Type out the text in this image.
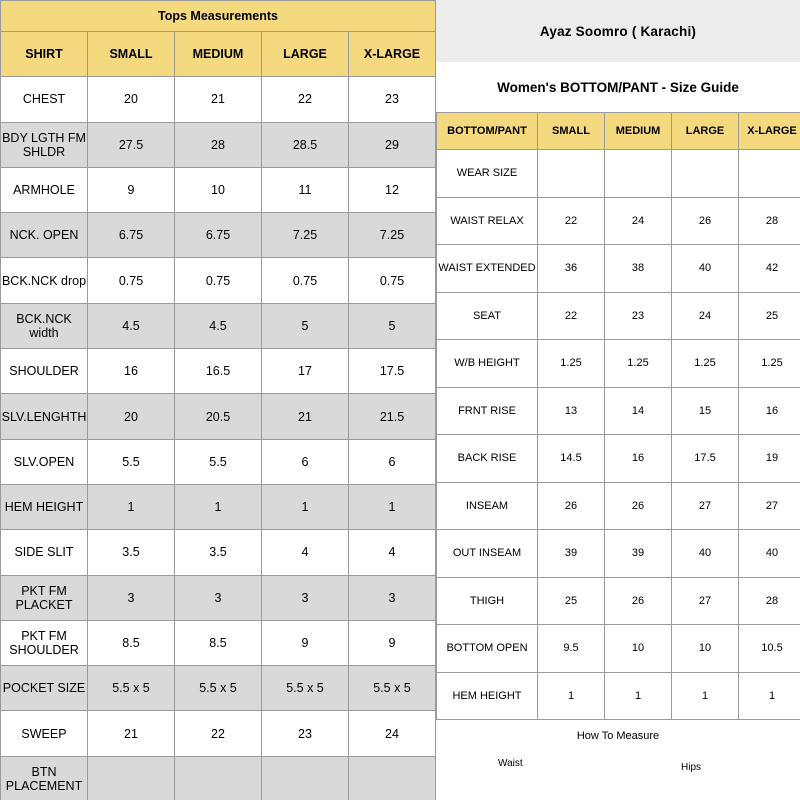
Tops Measurements				
SHIRT	SMALL	MEDIUM	LARGE	X-LARGE
CHEST	20	21	22	23
BDY LGTH FM SHLDR	27.5	28	28.5	29
ARMHOLE	9	10	11	12
NCK. OPEN	6.75	6.75	7.25	7.25
BCK.NCK drop	0.75	0.75	0.75	0.75
BCK.NCK width	4.5	4.5	5	5
SHOULDER	16	16.5	17	17.5
SLV.LENGHTH	20	20.5	21	21.5
SLV.OPEN	5.5	5.5	6	6
HEM HEIGHT	1	1	1	1
SIDE SLIT	3.5	3.5	4	4
PKT FM PLACKET	3	3	3	3
PKT FM SHOULDER	8.5	8.5	9	9
POCKET SIZE	5.5 x 5	5.5 x 5	5.5 x 5	5.5 x 5
SWEEP	21	22	23	24
BTN PLACEMENT				
Ayaz Soomro ( Karachi)
Women's BOTTOM/PANT - Size Guide
BOTTOM/PANT	SMALL	MEDIUM	LARGE	X-LARGE
WEAR SIZE				
WAIST RELAX	22	24	26	28
WAIST EXTENDED	36	38	40	42
SEAT	22	23	24	25
W/B HEIGHT	1.25	1.25	1.25	1.25
FRNT RISE	13	14	15	16
BACK RISE	14.5	16	17.5	19
INSEAM	26	26	27	27
OUT INSEAM	39	39	40	40
THIGH	25	26	27	28
BOTTOM OPEN	9.5	10	10	10.5
HEM HEIGHT	1	1	1	1
How To Measure
Waist	Hips
